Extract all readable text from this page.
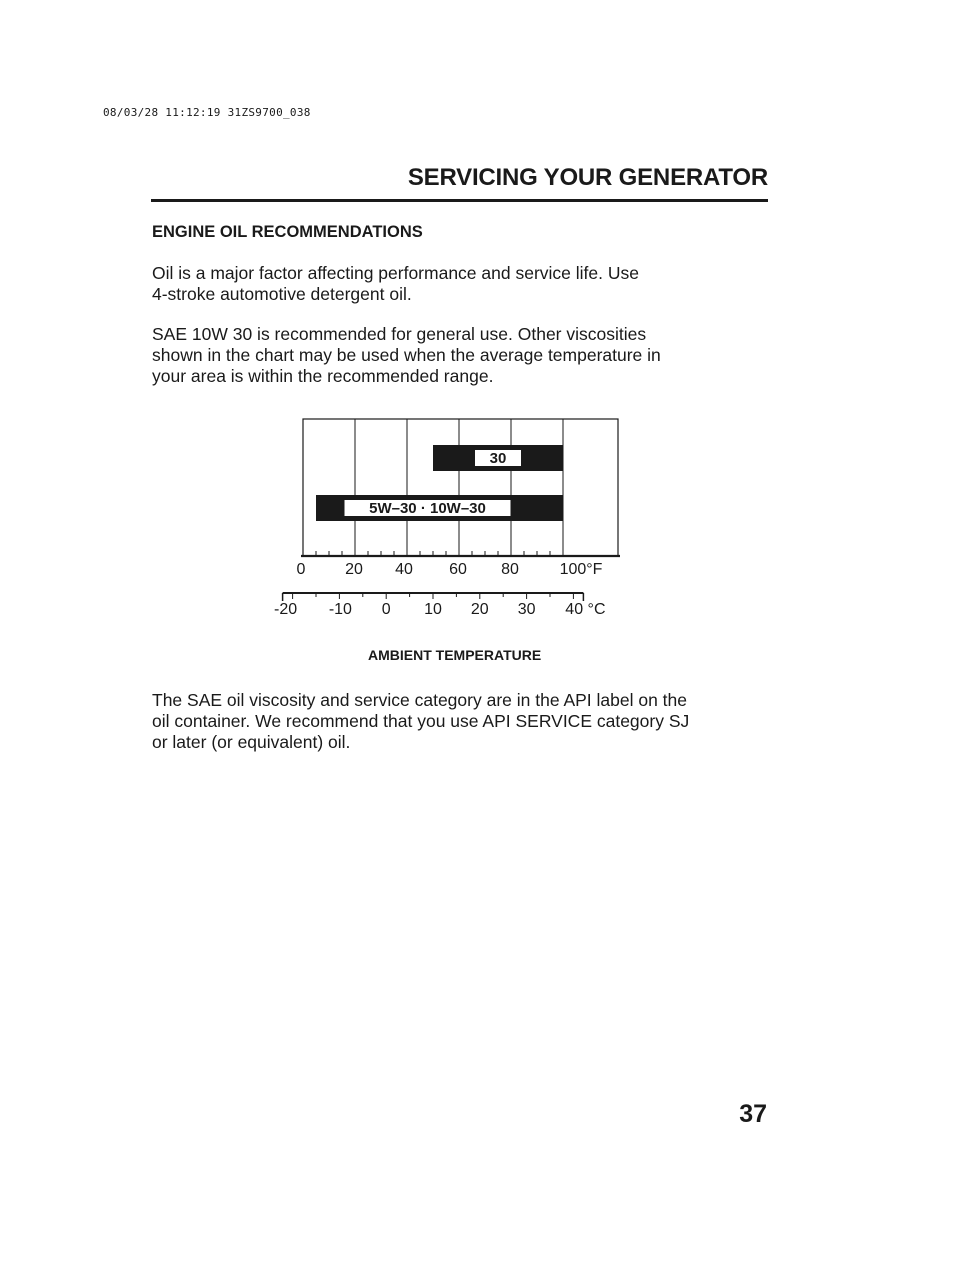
08/03/28 11:12:19 31ZS9700_038
SERVICING YOUR GENERATOR
ENGINE OIL RECOMMENDATIONS

Oil is a major factor affecting performance and service life. Use
4-stroke automotive detergent oil.

SAE 10W 30 is recommended for general use. Other viscosities
shown in the chart may be used when the average temperature in
your area is within the recommended range.

30
5W–30 · 10W–30
0 20 40 60 80	100°F
-20 -10 0 10 20 30 40 °C
AMBIENT TEMPERATURE

The SAE oil viscosity and service category are in the API label on the
oil container. We recommend that you use API SERVICE category SJ
or later (or equivalent) oil.

37
